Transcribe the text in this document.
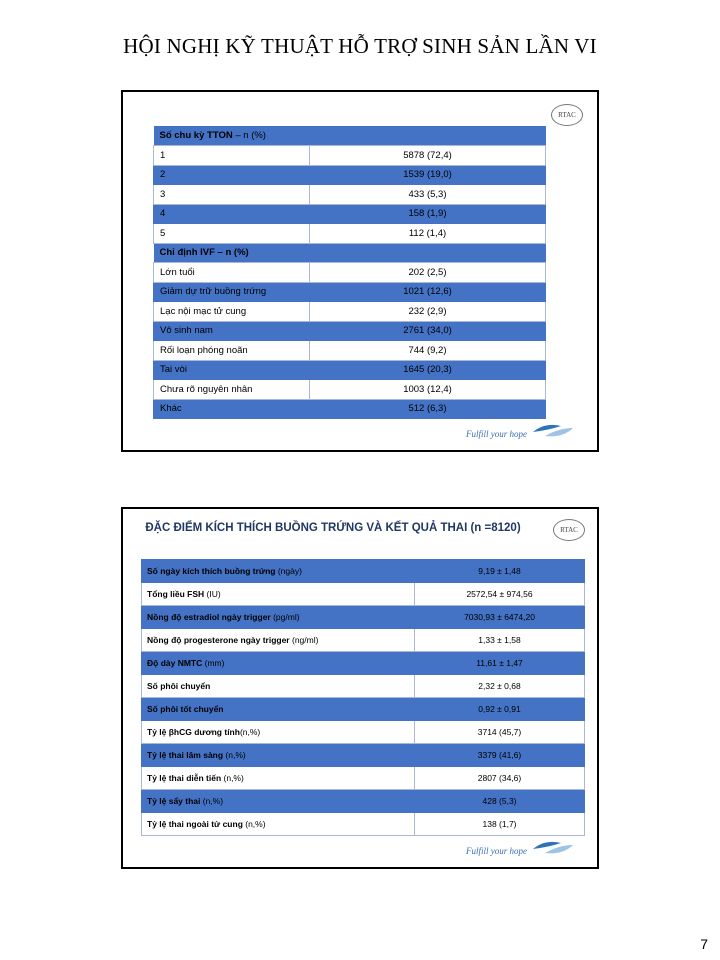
HỘI NGHỊ KỸ THUẬT HỖ TRỢ SINH SẢN LẦN VI
RTAC
Số chu kỳ TTON – n (%)	
1	5878 (72,4)
2	1539 (19,0)
3	433 (5,3)
4	158 (1,9)
5	112 (1,4)
Chỉ định IVF – n (%)	
Lớn tuổi	202 (2,5)
Giảm dự trữ buồng trứng	1021 (12,6)
Lạc nội mạc tử cung	232 (2,9)
Vô sinh nam	2761 (34,0)
Rối loạn phóng noãn	744 (9,2)
Tai vòi	1645 (20,3)
Chưa rõ nguyên nhân	1003 (12,4)
Khác	512 (6,3)
Fulfill your hope
ĐẶC ĐIỂM KÍCH THÍCH BUỒNG TRỨNG VÀ KẾT QUẢ THAI (n =8120)	RTAC
Số ngày kích thích buồng trứng (ngày)	9,19 ± 1,48
Tổng liều FSH (IU)	2572,54 ± 974,56
Nồng độ estradiol ngày trigger (pg/ml)	7030,93 ± 6474,20
Nồng độ progesterone ngày trigger (ng/ml)	1,33 ± 1,58
Độ dày NMTC (mm)	11,61 ± 1,47
Số phôi chuyển	2,32 ± 0,68
Số phôi tốt chuyển	0,92 ± 0,91
Tỷ lệ βhCG dương tính(n,%)	3714 (45,7)
Tỷ lệ thai lâm sàng (n,%)	3379 (41,6)
Tỷ lệ thai diễn tiến (n,%)	2807 (34,6)
Tỷ lệ sẩy thai (n,%)	428 (5,3)
Tỷ lệ thai ngoài tử cung (n,%)	138 (1,7)
Fulfill your hope
7
